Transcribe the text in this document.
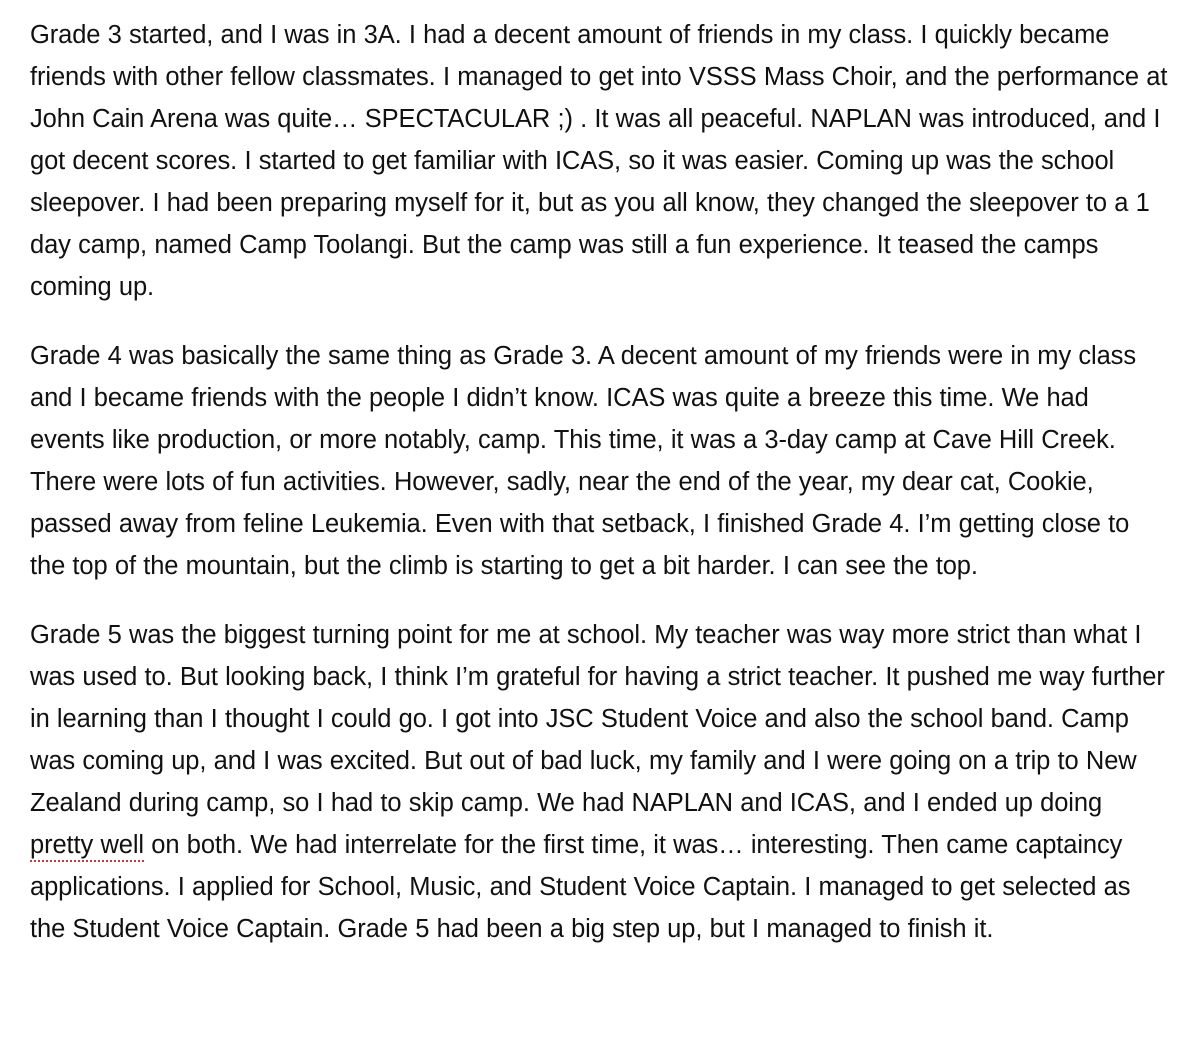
Grade 3 started, and I was in 3A. I had a decent amount of friends in my class. I quickly became friends with other fellow classmates. I managed to get into VSSS Mass Choir, and the performance at John Cain Arena was quite… SPECTACULAR ;) . It was all peaceful. NAPLAN was introduced, and I got decent scores. I started to get familiar with ICAS, so it was easier. Coming up was the school sleepover. I had been preparing myself for it, but as you all know, they changed the sleepover to a 1 day camp, named Camp Toolangi. But the camp was still a fun experience. It teased the camps coming up.

Grade 4 was basically the same thing as Grade 3. A decent amount of my friends were in my class and I became friends with the people I didn’t know. ICAS was quite a breeze this time. We had events like production, or more notably, camp. This time, it was a 3-day camp at Cave Hill Creek. There were lots of fun activities. However, sadly, near the end of the year, my dear cat, Cookie, passed away from feline Leukemia. Even with that setback, I finished Grade 4. I’m getting close to the top of the mountain, but the climb is starting to get a bit harder. I can see the top.

Grade 5 was the biggest turning point for me at school. My teacher was way more strict than what I was used to. But looking back, I think I’m grateful for having a strict teacher. It pushed me way further in learning than I thought I could go. I got into JSC Student Voice and also the school band. Camp was coming up, and I was excited. But out of bad luck, my family and I were going on a trip to New Zealand during camp, so I had to skip camp. We had NAPLAN and ICAS, and I ended up doing pretty well on both. We had interrelate for the first time, it was… interesting. Then came captaincy applications. I applied for School, Music, and Student Voice Captain. I managed to get selected as the Student Voice Captain. Grade 5 had been a big step up, but I managed to finish it.
